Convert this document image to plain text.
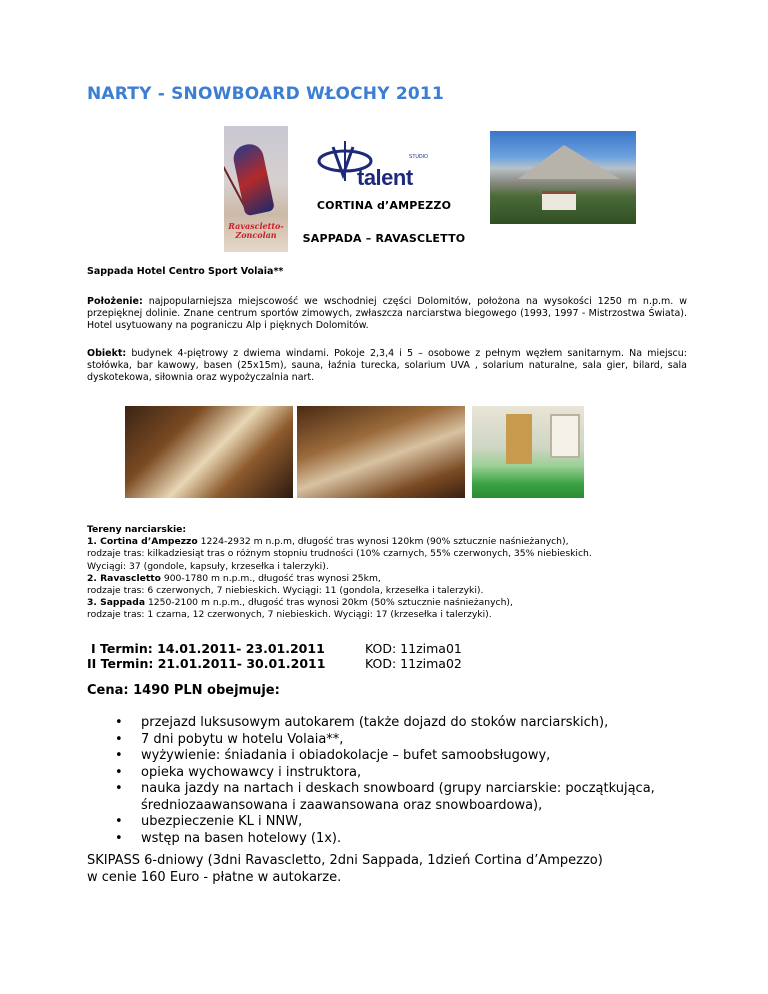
NARTY - SNOWBOARD WŁOCHY 2011
Ravascletto-Zoncolan
STUDIO
talent
CORTINA d’AMPEZZO
SAPPADA – RAVASCLETTO

Sappada Hotel Centro Sport Volaia**

Położenie: najpopularniejsza miejscowość we wschodniej części Dolomitów, położona na wysokości 1250 m n.p.m. w przepięknej dolinie. Znane centrum sportów zimowych, zwłaszcza narciarstwa biegowego (1993, 1997 - Mistrzostwa Świata). Hotel usytuowany na pograniczu Alp i pięknych Dolomitów.

Obiekt: budynek 4-piętrowy z dwiema windami. Pokoje 2,3,4 i 5 – osobowe z pełnym węzłem sanitarnym. Na miejscu: stołówka, bar kawowy, basen (25x15m), sauna, łaźnia turecka, solarium UVA , solarium naturalne, sala gier, bilard, sala dyskotekowa, siłownia oraz wypożyczalnia nart.

Tereny narciarskie:
1. Cortina d’Ampezzo 1224-2932 m n.p.m, długość tras wynosi 120km (90% sztucznie naśnieżanych),
rodzaje tras: kilkadziesiąt tras o różnym stopniu trudności (10% czarnych, 55% czerwonych, 35% niebieskich.
Wyciągi: 37 (gondole, kapsuły, krzesełka i talerzyki).
2. Ravascletto 900-1780 m n.p.m., długość tras wynosi 25km,
rodzaje tras: 6 czerwonych, 7 niebieskich. Wyciągi: 11 (gondola, krzesełka i talerzyki).
3. Sappada 1250-2100 m n.p.m., długość tras wynosi 20km (50% sztucznie naśnieżanych),
rodzaje tras: 1 czarna, 12 czerwonych, 7 niebieskich. Wyciągi: 17 (krzesełka i talerzyki).
I Termin: 14.01.2011- 23.01.2011
II Termin: 21.01.2011- 30.01.2011
KOD: 11zima01
KOD: 11zima02

Cena: 1490 PLN obejmuje:

• przejazd luksusowym autokarem (także dojazd do stoków narciarskich),
• 7 dni pobytu w hotelu Volaia**,
• wyżywienie: śniadania i obiadokolacje – bufet samoobsługowy,
• opieka wychowawcy i instruktora,
• nauka jazdy na nartach i deskach snowboard (grupy narciarskie: początkująca,
średniozaawansowana i zaawansowana oraz snowboardowa),
• ubezpieczenie KL i NNW,
• wstęp na basen hotelowy (1x).

SKIPASS 6-dniowy (3dni Ravascletto, 2dni Sappada, 1dzień Cortina d’Ampezzo)
w cenie 160 Euro - płatne w autokarze.
